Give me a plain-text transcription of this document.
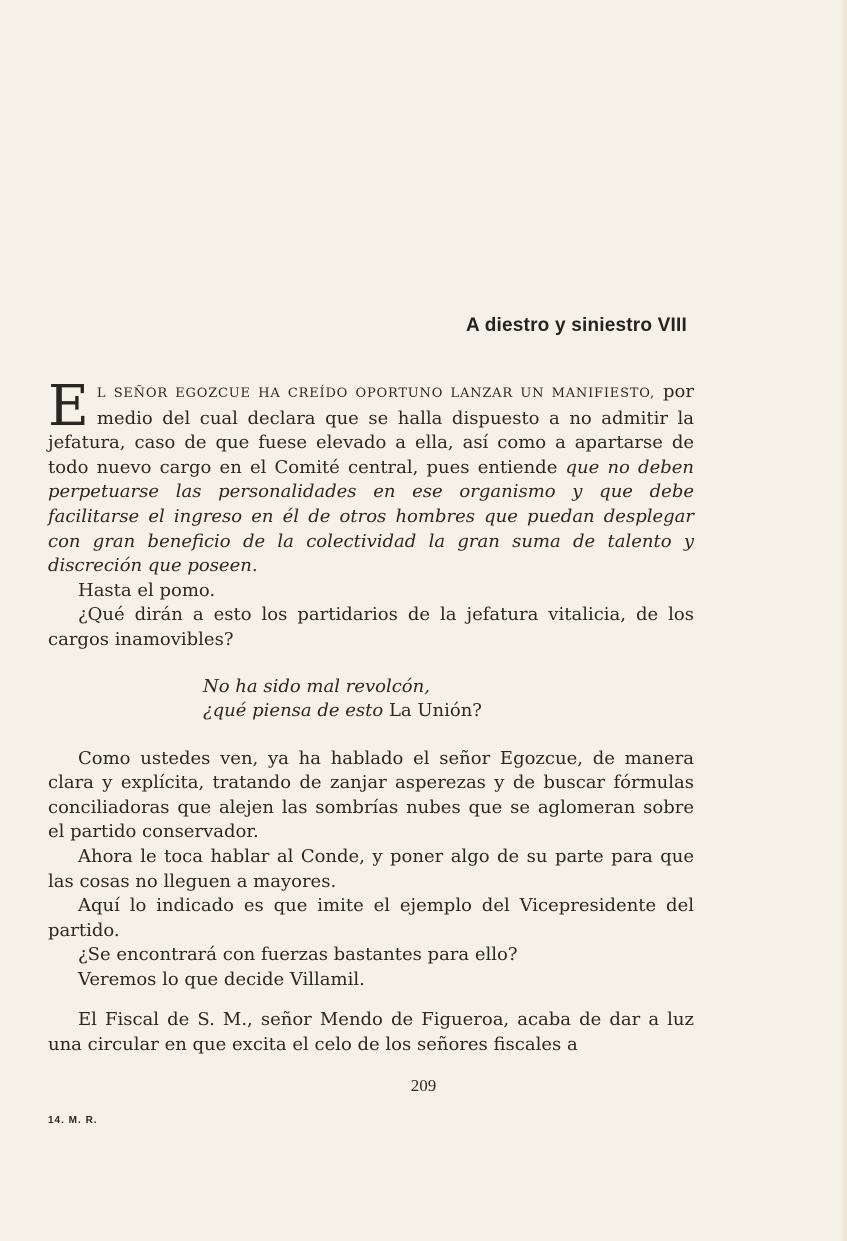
A diestro y siniestro VIII

EL SEÑOR EGOZCUE HA CREÍDO OPORTUNO LANZAR UN MANIFIESTO, por medio del cual declara que se halla dispuesto a no admitir la jefatura, caso de que fuese elevado a ella, así como a apartarse de todo nuevo cargo en el Comité central, pues entiende que no deben perpetuarse las personalidades en ese organismo y que debe facilitarse el ingreso en él de otros hombres que puedan desplegar con gran beneficio de la colectividad la gran suma de talento y discreción que poseen.

Hasta el pomo.

¿Qué dirán a esto los partidarios de la jefatura vitalicia, de los cargos inamovibles?

No ha sido mal revolcón,
¿qué piensa de esto La Unión?

Como ustedes ven, ya ha hablado el señor Egozcue, de manera clara y explícita, tratando de zanjar asperezas y de buscar fórmulas conciliadoras que alejen las sombrías nubes que se aglomeran sobre el partido conservador.

Ahora le toca hablar al Conde, y poner algo de su parte para que las cosas no lleguen a mayores.

Aquí lo indicado es que imite el ejemplo del Vicepresidente del partido.

¿Se encontrará con fuerzas bastantes para ello?

Veremos lo que decide Villamil.

El Fiscal de S. M., señor Mendo de Figueroa, acaba de dar a luz una circular en que excita el celo de los señores fiscales a

209
14. M. R.
